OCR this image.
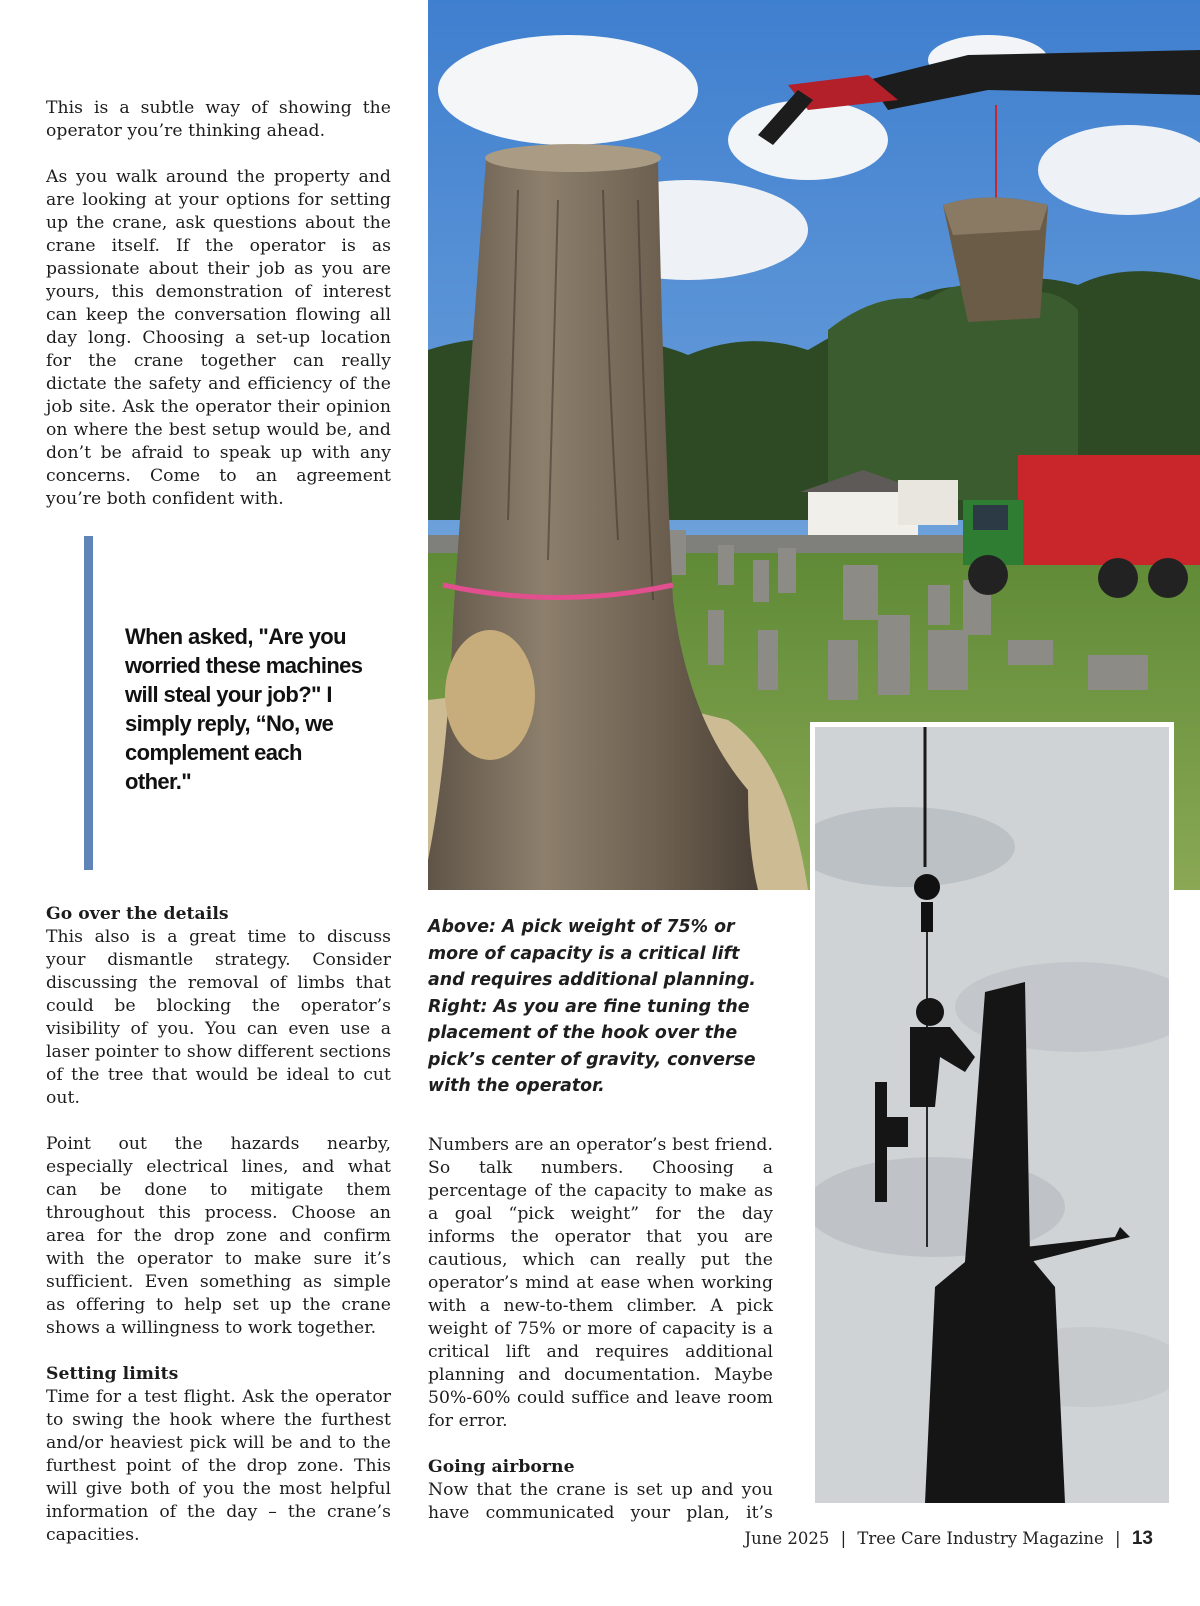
This is a subtle way of showing the operator you’re thinking ahead.

As you walk around the property and are looking at your options for setting up the crane, ask questions about the crane itself. If the operator is as passionate about their job as you are yours, this demonstration of interest can keep the conversation flowing all day long. Choosing a set-up location for the crane together can really dictate the safety and efficiency of the job site. Ask the operator their opinion on where the best setup would be, and don’t be afraid to speak up with any concerns. Come to an agreement you’re both confident with.

When asked, "Are you worried these machines will steal your job?" I simply reply, “No, we complement each other."
Go over the details

This also is a great time to discuss your dismantle strategy. Consider discussing the removal of limbs that could be blocking the operator’s visibility of you. You can even use a laser pointer to show different sections of the tree that would be ideal to cut out.

Point out the hazards nearby, especially electrical lines, and what can be done to mitigate them throughout this process. Choose an area for the drop zone and confirm with the operator to make sure it’s sufficient. Even something as simple as offering to help set up the crane shows a willingness to work together.

Setting limits

Time for a test flight. Ask the operator to swing the hook where the furthest and/or heaviest pick will be and to the furthest point of the drop zone. This will give both of you the most helpful information of the day – the crane’s capacities.

Above: A pick weight of 75% or more of capacity is a critical lift and requires additional planning.

Right: As you are fine tuning the placement of the hook over the pick’s center of gravity, converse with the operator.

Numbers are an operator’s best friend. So talk numbers. Choosing a percentage of the capacity to make as a goal “pick weight” for the day informs the operator that you are cautious, which can really put the operator’s mind at ease when working with a new-to-them climber. A pick weight of 75% or more of capacity is a critical lift and requires additional planning and documentation. Maybe 50%-60% could suffice and leave room for error.

Going airborne

Now that the crane is set up and you have communicated your plan, it’s

June 2025 | Tree Care Industry Magazine | 13
